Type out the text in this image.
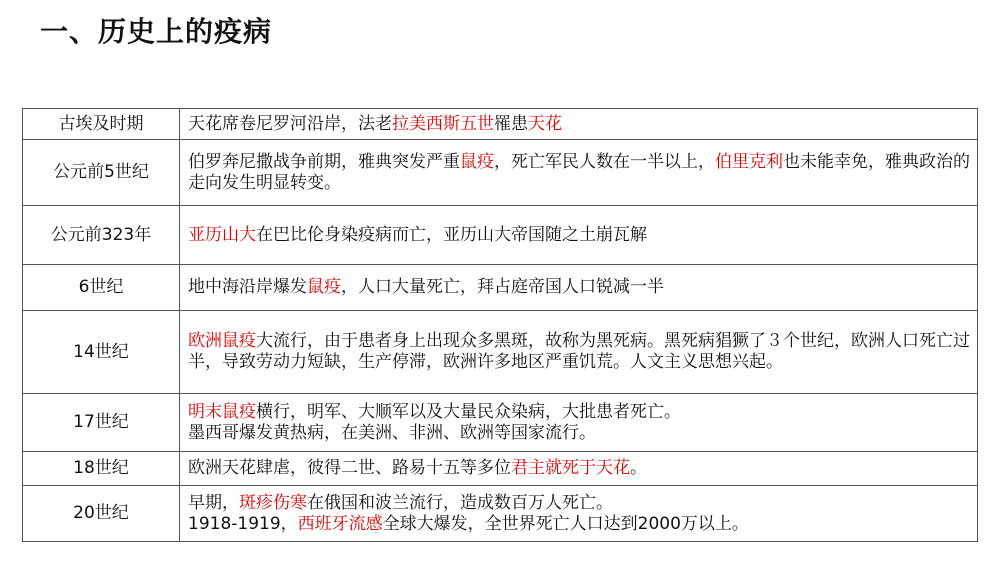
一、历史上的疫病
古埃及时期	天花席卷尼罗河沿岸，法老拉美西斯五世罹患天花

公元前5世纪	伯罗奔尼撒战争前期，雅典突发严重鼠疫，死亡军民人数在一半以上，伯里克利也未能幸免，雅典政治的走向发生明显转变。

公元前323年	亚历山大在巴比伦身染疫病而亡，亚历山大帝国随之土崩瓦解

6世纪	地中海沿岸爆发鼠疫，人口大量死亡，拜占庭帝国人口锐减一半

14世纪	欧洲鼠疫大流行，由于患者身上出现众多黑斑，故称为黑死病。黑死病猖獗了３个世纪，欧洲人口死亡过半，导致劳动力短缺，生产停滞，欧洲许多地区严重饥荒。人文主义思想兴起。

17世纪	明末鼠疫横行，明军、大顺军以及大量民众染病，大批患者死亡。
墨西哥爆发黄热病，在美洲、非洲、欧洲等国家流行。

18世纪	欧洲天花肆虐，彼得二世、路易十五等多位君主就死于天花。

20世纪	早期，斑疹伤寒在俄国和波兰流行，造成数百万人死亡。
1918-1919，西班牙流感全球大爆发，全世界死亡人口达到2000万以上。
